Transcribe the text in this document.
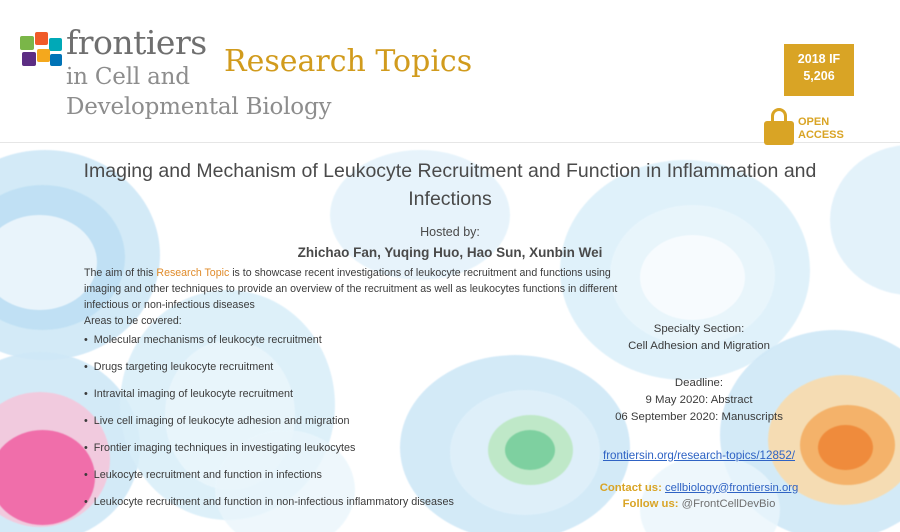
frontiers
in Cell and
Developmental Biology
Research Topics	2018 IF
5,206
OPEN
ACCESS
Imaging and Mechanism of Leukocyte Recruitment and Function in Inflammation and Infections
Hosted by:
Zhichao Fan, Yuqing Huo, Hao Sun, Xunbin Wei
The aim of this Research Topic is to showcase recent investigations of leukocyte recruitment and functions using imaging and other techniques to provide an overview of the recruitment as well as leukocytes functions in different infectious or non-infectious diseases
Areas to be covered:
• Molecular mechanisms of leukocyte recruitment
• Drugs targeting leukocyte recruitment
• Intravital imaging of leukocyte recruitment
• Live cell imaging of leukocyte adhesion and migration
• Frontier imaging techniques in investigating leukocytes
• Leukocyte recruitment and function in infections
• Leukocyte recruitment and function in non-infectious inflammatory diseases
Specialty Section:
Cell Adhesion and Migration
Deadline:
9 May 2020: Abstract
06 September 2020: Manuscripts
frontiersin.org/research-topics/12852/
Contact us: cellbiology@frontiersin.org
Follow us: @FrontCellDevBio
